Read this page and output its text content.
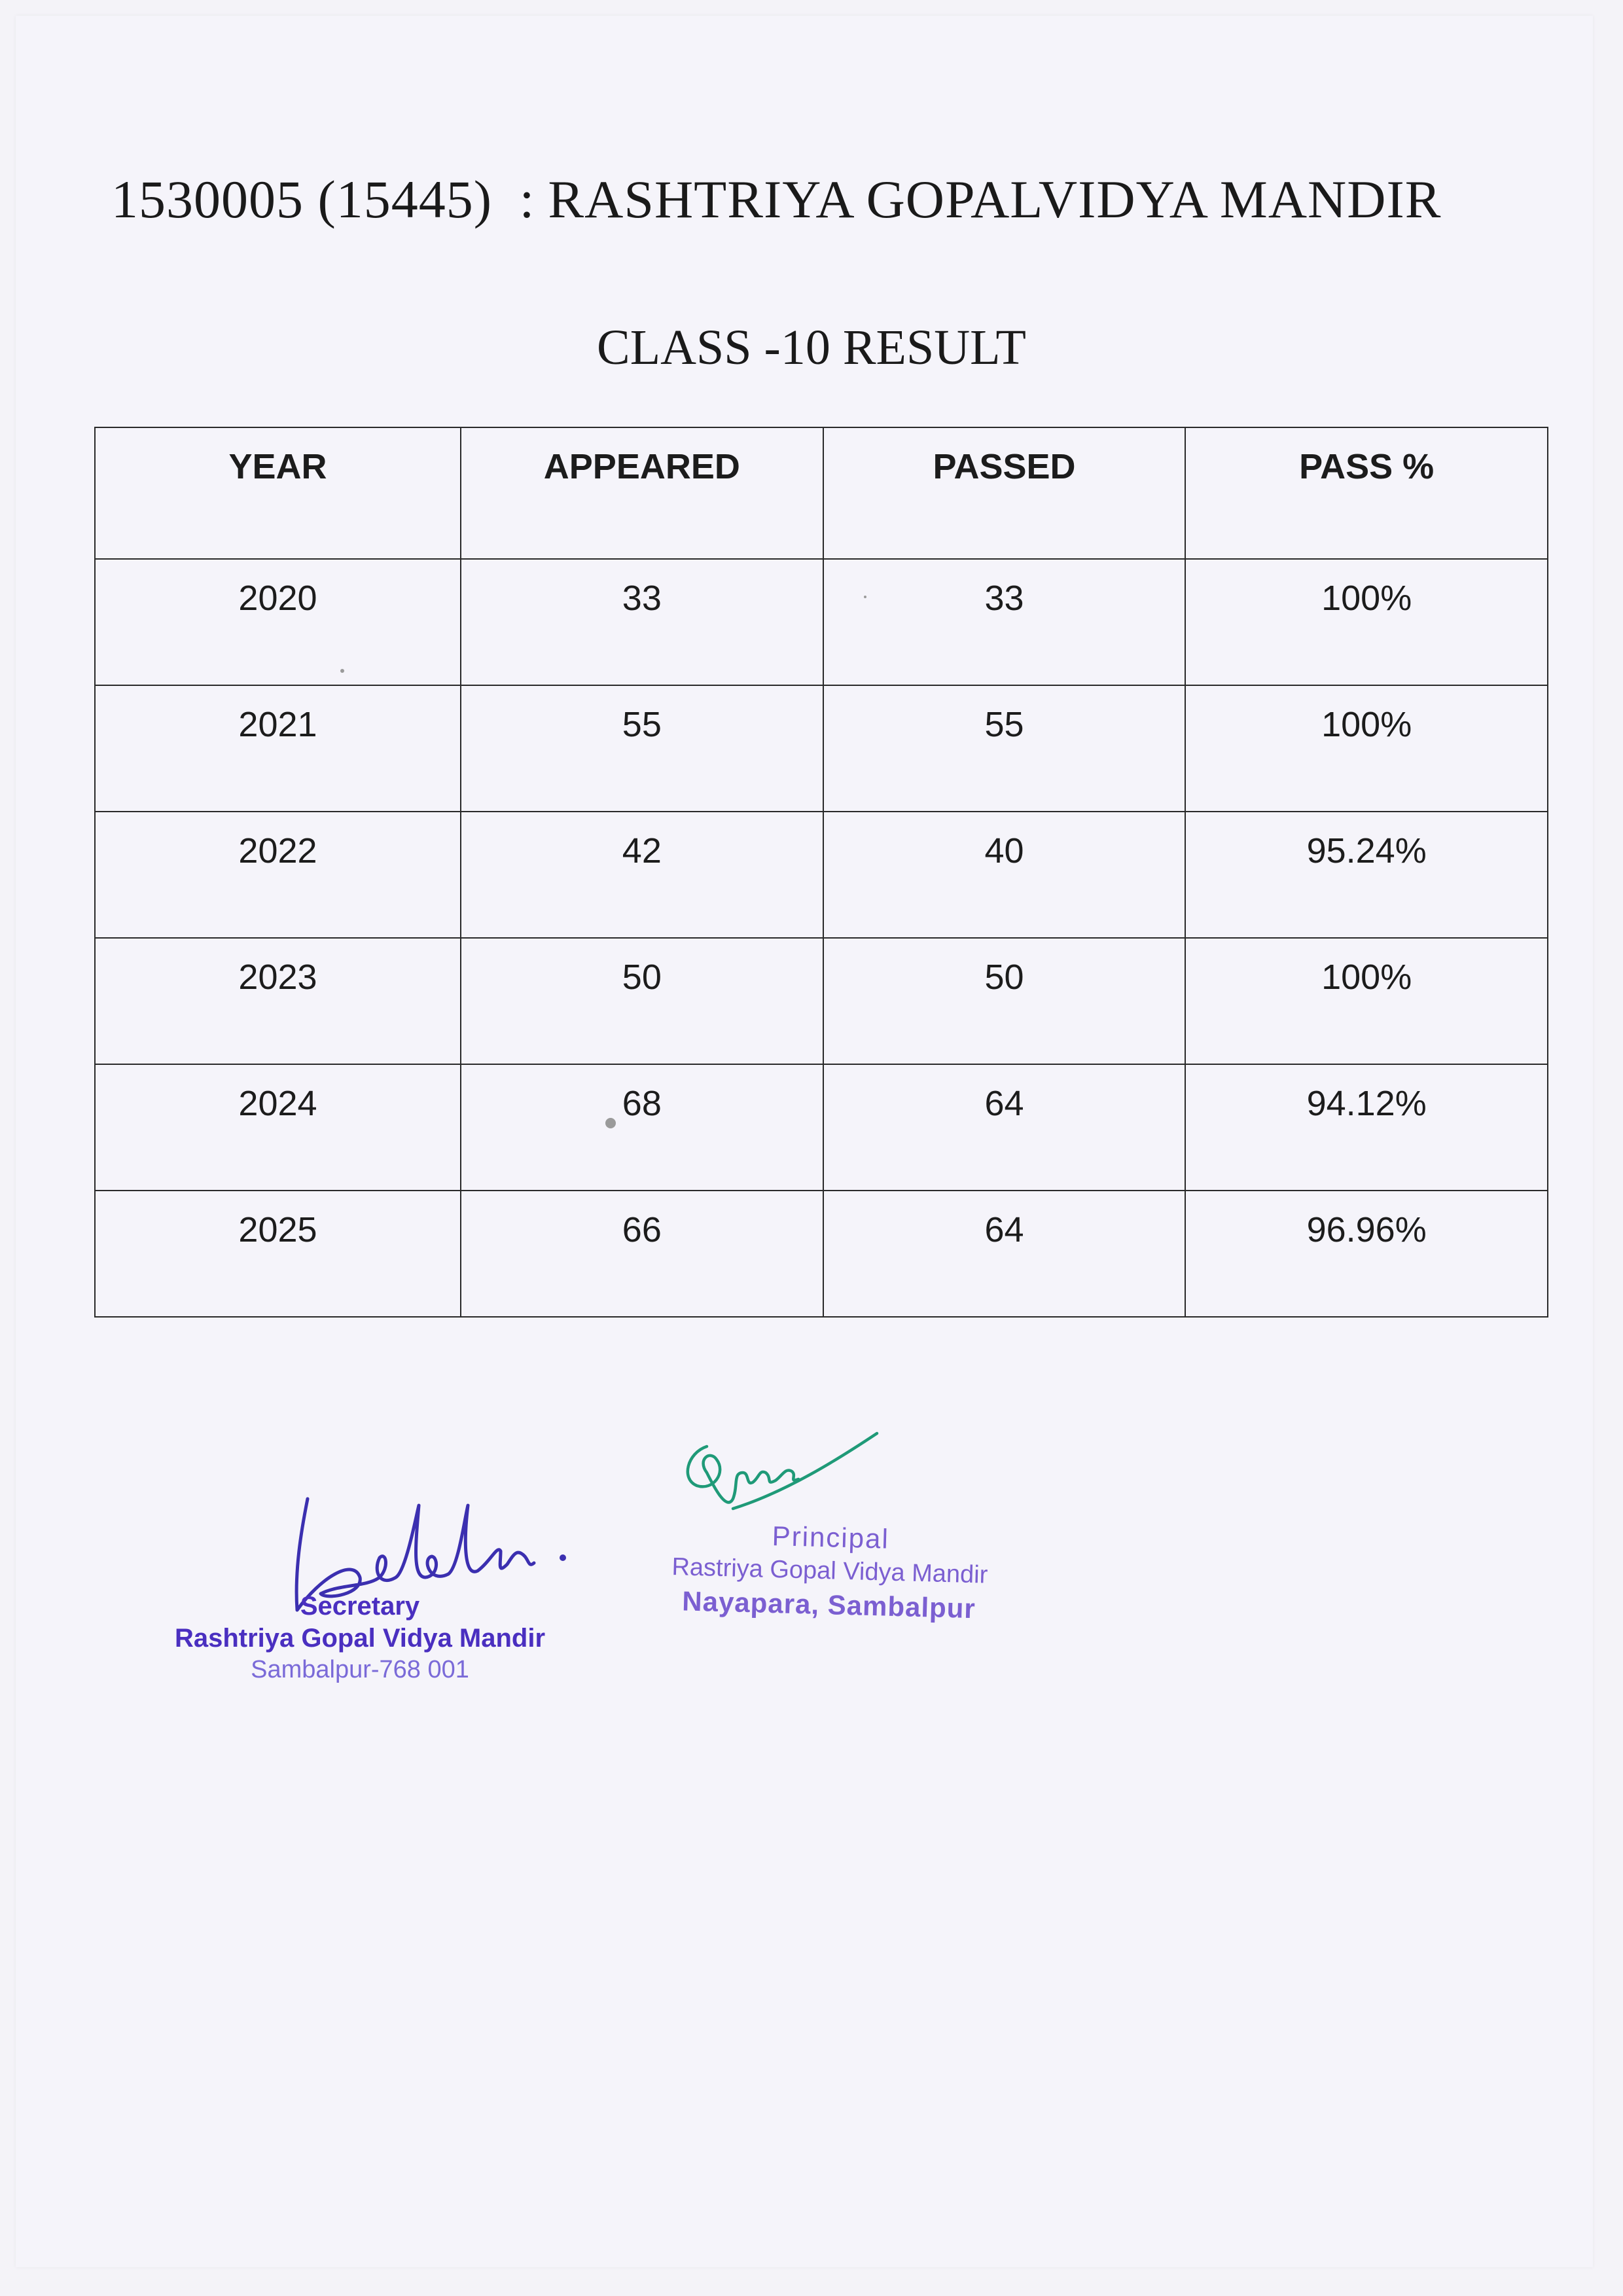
1530005 (15445) : RASHTRIYA GOPALVIDYA MANDIR
CLASS -10 RESULT
YEAR	APPEARED	PASSED	PASS %
2020	33	33	100%
2021	55	55	100%
2022	42	40	95.24%
2023	50	50	100%
2024	68	64	94.12%
2025	66	64	96.96%
Secretary
Rashtriya Gopal Vidya Mandir
Sambalpur-768 001
Principal
Rastriya Gopal Vidya Mandir
Nayapara, Sambalpur
